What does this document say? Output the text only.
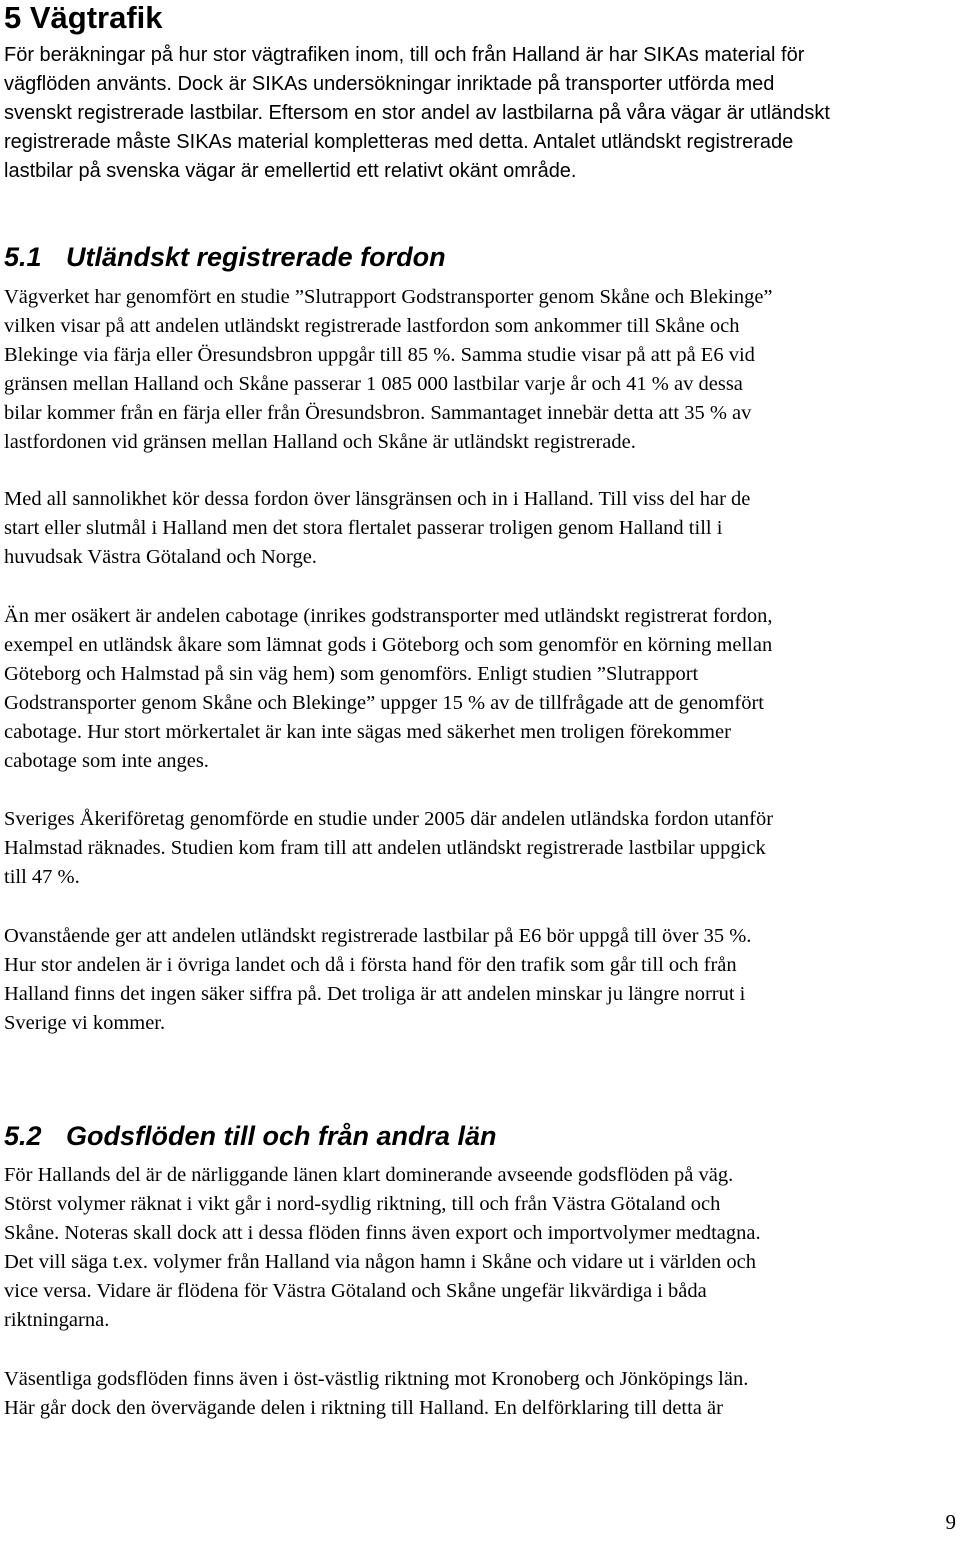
5 Vägtrafik
För beräkningar på hur stor vägtrafiken inom, till och från Halland är har SIKAs material för
vägflöden använts. Dock är SIKAs undersökningar inriktade på transporter utförda med
svenskt registrerade lastbilar. Eftersom en stor andel av lastbilarna på våra vägar är utländskt
registrerade måste SIKAs material kompletteras med detta. Antalet utländskt registrerade
lastbilar på svenska vägar är emellertid ett relativt okänt område.
5.1 Utländskt registrerade fordon
Vägverket har genomfört en studie ”Slutrapport Godstransporter genom Skåne och Blekinge”
vilken visar på att andelen utländskt registrerade lastfordon som ankommer till Skåne och
Blekinge via färja eller Öresundsbron uppgår till 85 %. Samma studie visar på att på E6 vid
gränsen mellan Halland och Skåne passerar 1 085 000 lastbilar varje år och 41 % av dessa
bilar kommer från en färja eller från Öresundsbron. Sammantaget innebär detta att 35 % av
lastfordonen vid gränsen mellan Halland och Skåne är utländskt registrerade.
Med all sannolikhet kör dessa fordon över länsgränsen och in i Halland. Till viss del har de
start eller slutmål i Halland men det stora flertalet passerar troligen genom Halland till i
huvudsak Västra Götaland och Norge.
Än mer osäkert är andelen cabotage (inrikes godstransporter med utländskt registrerat fordon,
exempel en utländsk åkare som lämnat gods i Göteborg och som genomför en körning mellan
Göteborg och Halmstad på sin väg hem) som genomförs. Enligt studien ”Slutrapport
Godstransporter genom Skåne och Blekinge” uppger 15 % av de tillfrågade att de genomfört
cabotage. Hur stort mörkertalet är kan inte sägas med säkerhet men troligen förekommer
cabotage som inte anges.
Sveriges Åkeriföretag genomförde en studie under 2005 där andelen utländska fordon utanför
Halmstad räknades. Studien kom fram till att andelen utländskt registrerade lastbilar uppgick
till 47 %.
Ovanstående ger att andelen utländskt registrerade lastbilar på E6 bör uppgå till över 35 %.
Hur stor andelen är i övriga landet och då i första hand för den trafik som går till och från
Halland finns det ingen säker siffra på. Det troliga är att andelen minskar ju längre norrut i
Sverige vi kommer.
5.2 Godsflöden till och från andra län
För Hallands del är de närliggande länen klart dominerande avseende godsflöden på väg.
Störst volymer räknat i vikt går i nord-sydlig riktning, till och från Västra Götaland och
Skåne. Noteras skall dock att i dessa flöden finns även export och importvolymer medtagna.
Det vill säga t.ex. volymer från Halland via någon hamn i Skåne och vidare ut i världen och
vice versa. Vidare är flödena för Västra Götaland och Skåne ungefär likvärdiga i båda
riktningarna.
Väsentliga godsflöden finns även i öst-västlig riktning mot Kronoberg och Jönköpings län.
Här går dock den övervägande delen i riktning till Halland. En delförklaring till detta är
9
